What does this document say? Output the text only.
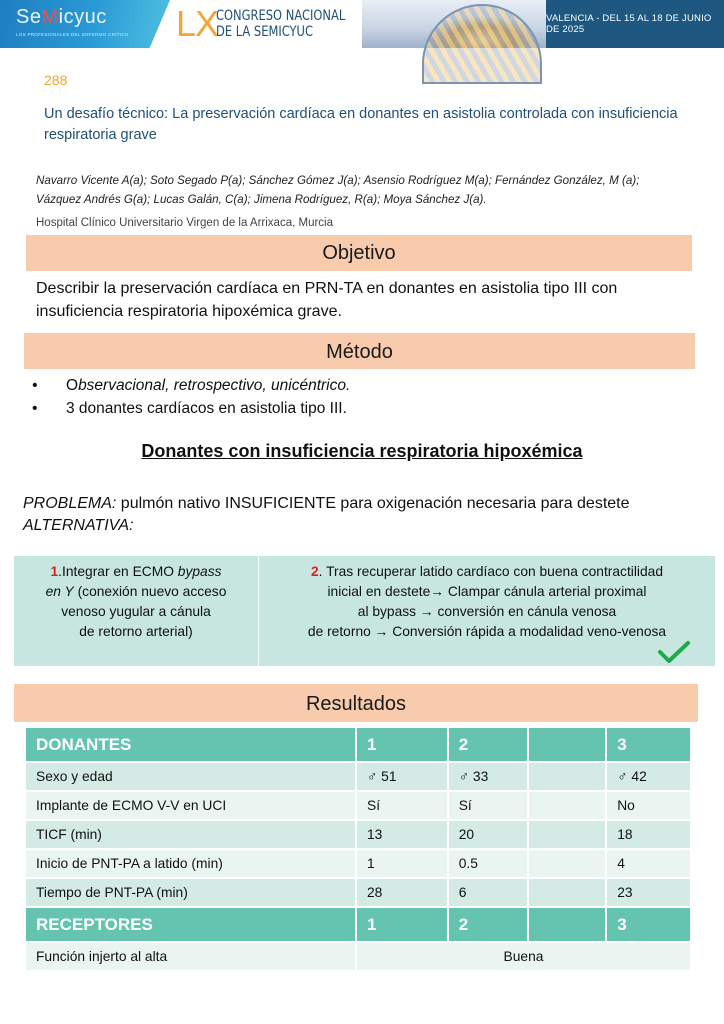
SeMicyuc
LOS PROFESIONALES DEL ENFERMO CRÍTICO LX
CONGRESO NACIONAL
DE LA SEMICYUC
VALENCIA - DEL 15 AL 18 DE JUNIO DE 2025
288
Un desafío técnico: La preservación cardíaca en donantes en asistolia controlada con insuficiencia respiratoria grave
Navarro Vicente A(a); Soto Segado P(a); Sánchez Gómez J(a); Asensio Rodríguez M(a); Fernández González, M (a); Vázquez Andrés G(a); Lucas Galán, C(a); Jimena Rodríguez, R(a); Moya Sánchez J(a).
Hospital Clínico Universitario Virgen de la Arrixaca, Murcia
Objetivo
Describir la preservación cardíaca en PRN-TA en donantes en asistolia tipo III con insuficiencia respiratoria hipoxémica grave.
Método
• Observacional, retrospectivo, unicéntrico.
• 3 donantes cardíacos en asistolia tipo III.
Donantes con insuficiencia respiratoria hipoxémica
PROBLEMA: pulmón nativo INSUFICIENTE para oxigenación necesaria para destete
ALTERNATIVA:
1.Integrar en ECMO bypass
en Y (conexión nuevo acceso
venoso yugular a cánula
de retorno arterial)
2. Tras recuperar latido cardíaco con buena contractilidad
inicial en destete→ Clampar cánula arterial proximal
al bypass → conversión en cánula venosa
de retorno → Conversión rápida a modalidad veno-venosa
Resultados
DONANTES	1	2		3
Sexo y edad	♂ 51	♂ 33		♂ 42
Implante de ECMO V-V en UCI	Sí	Sí		No
TICF (min)	13	20		18
Inicio de PNT-PA a latido (min)	1	0.5		4
Tiempo de PNT-PA (min)	28	6		23
RECEPTORES	1	2		3
Función injerto al alta	Buena			
